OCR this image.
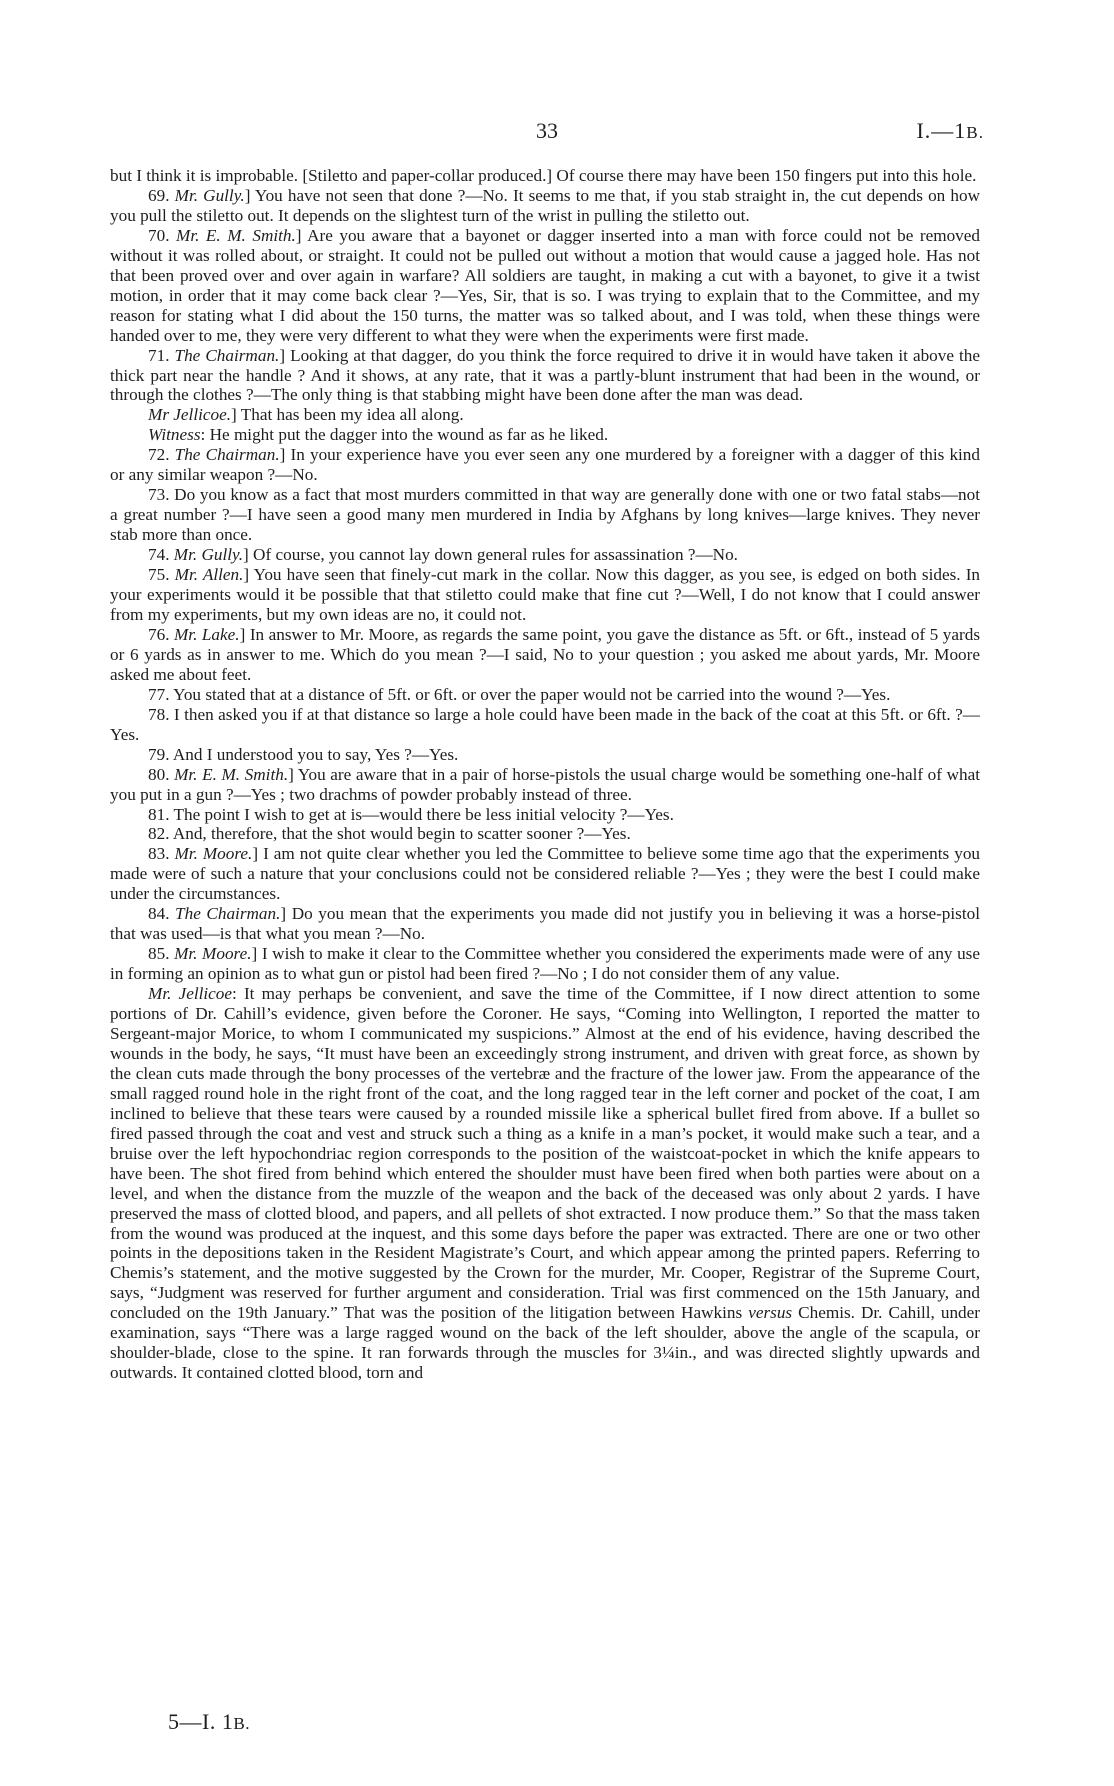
33	I.—1B.

but I think it is improbable. [Stiletto and paper-collar produced.] Of course there may have been 150 fingers put into this hole.

69. Mr. Gully.] You have not seen that done ?—No. It seems to me that, if you stab straight in, the cut depends on how you pull the stiletto out. It depends on the slightest turn of the wrist in pulling the stiletto out.

70. Mr. E. M. Smith.] Are you aware that a bayonet or dagger inserted into a man with force could not be removed without it was rolled about, or straight. It could not be pulled out without a motion that would cause a jagged hole. Has not that been proved over and over again in warfare? All soldiers are taught, in making a cut with a bayonet, to give it a twist motion, in order that it may come back clear ?—Yes, Sir, that is so. I was trying to explain that to the Committee, and my reason for stating what I did about the 150 turns, the matter was so talked about, and I was told, when these things were handed over to me, they were very different to what they were when the experiments were first made.

71. The Chairman.] Looking at that dagger, do you think the force required to drive it in would have taken it above the thick part near the handle ? And it shows, at any rate, that it was a partly-blunt instrument that had been in the wound, or through the clothes ?—The only thing is that stabbing might have been done after the man was dead.

Mr Jellicoe.] That has been my idea all along.

Witness: He might put the dagger into the wound as far as he liked.

72. The Chairman.] In your experience have you ever seen any one murdered by a foreigner with a dagger of this kind or any similar weapon ?—No.

73. Do you know as a fact that most murders committed in that way are generally done with one or two fatal stabs—not a great number ?—I have seen a good many men murdered in India by Afghans by long knives—large knives. They never stab more than once.

74. Mr. Gully.] Of course, you cannot lay down general rules for assassination ?—No.

75. Mr. Allen.] You have seen that finely-cut mark in the collar. Now this dagger, as you see, is edged on both sides. In your experiments would it be possible that that stiletto could make that fine cut ?—Well, I do not know that I could answer from my experiments, but my own ideas are no, it could not.

76. Mr. Lake.] In answer to Mr. Moore, as regards the same point, you gave the distance as 5ft. or 6ft., instead of 5 yards or 6 yards as in answer to me. Which do you mean ?—I said, No to your question ; you asked me about yards, Mr. Moore asked me about feet.

77. You stated that at a distance of 5ft. or 6ft. or over the paper would not be carried into the wound ?—Yes.

78. I then asked you if at that distance so large a hole could have been made in the back of the coat at this 5ft. or 6ft. ?—Yes.

79. And I understood you to say, Yes ?—Yes.

80. Mr. E. M. Smith.] You are aware that in a pair of horse-pistols the usual charge would be something one-half of what you put in a gun ?—Yes ; two drachms of powder probably instead of three.

81. The point I wish to get at is—would there be less initial velocity ?—Yes.

82. And, therefore, that the shot would begin to scatter sooner ?—Yes.

83. Mr. Moore.] I am not quite clear whether you led the Committee to believe some time ago that the experiments you made were of such a nature that your conclusions could not be considered reliable ?—Yes ; they were the best I could make under the circumstances.

84. The Chairman.] Do you mean that the experiments you made did not justify you in believing it was a horse-pistol that was used—is that what you mean ?—No.

85. Mr. Moore.] I wish to make it clear to the Committee whether you considered the experiments made were of any use in forming an opinion as to what gun or pistol had been fired ?—No ; I do not consider them of any value.

Mr. Jellicoe: It may perhaps be convenient, and save the time of the Committee, if I now direct attention to some portions of Dr. Cahill’s evidence, given before the Coroner. He says, “Coming into Wellington, I reported the matter to Sergeant-major Morice, to whom I communicated my suspicions.” Almost at the end of his evidence, having described the wounds in the body, he says, “It must have been an exceedingly strong instrument, and driven with great force, as shown by the clean cuts made through the bony processes of the vertebræ and the fracture of the lower jaw. From the appearance of the small ragged round hole in the right front of the coat, and the long ragged tear in the left corner and pocket of the coat, I am inclined to believe that these tears were caused by a rounded missile like a spherical bullet fired from above. If a bullet so fired passed through the coat and vest and struck such a thing as a knife in a man’s pocket, it would make such a tear, and a bruise over the left hypochondriac region corresponds to the position of the waistcoat-pocket in which the knife appears to have been. The shot fired from behind which entered the shoulder must have been fired when both parties were about on a level, and when the distance from the muzzle of the weapon and the back of the deceased was only about 2 yards. I have preserved the mass of clotted blood, and papers, and all pellets of shot extracted. I now produce them.” So that the mass taken from the wound was produced at the inquest, and this some days before the paper was extracted. There are one or two other points in the depositions taken in the Resident Magistrate’s Court, and which appear among the printed papers. Referring to Chemis’s statement, and the motive suggested by the Crown for the murder, Mr. Cooper, Registrar of the Supreme Court, says, “Judgment was reserved for further argument and consideration. Trial was first commenced on the 15th January, and concluded on the 19th January.” That was the position of the litigation between Hawkins versus Chemis. Dr. Cahill, under examination, says “There was a large ragged wound on the back of the left shoulder, above the angle of the scapula, or shoulder-blade, close to the spine. It ran forwards through the muscles for 3¼in., and was directed slightly upwards and outwards. It contained clotted blood, torn and

5—I. 1B.
